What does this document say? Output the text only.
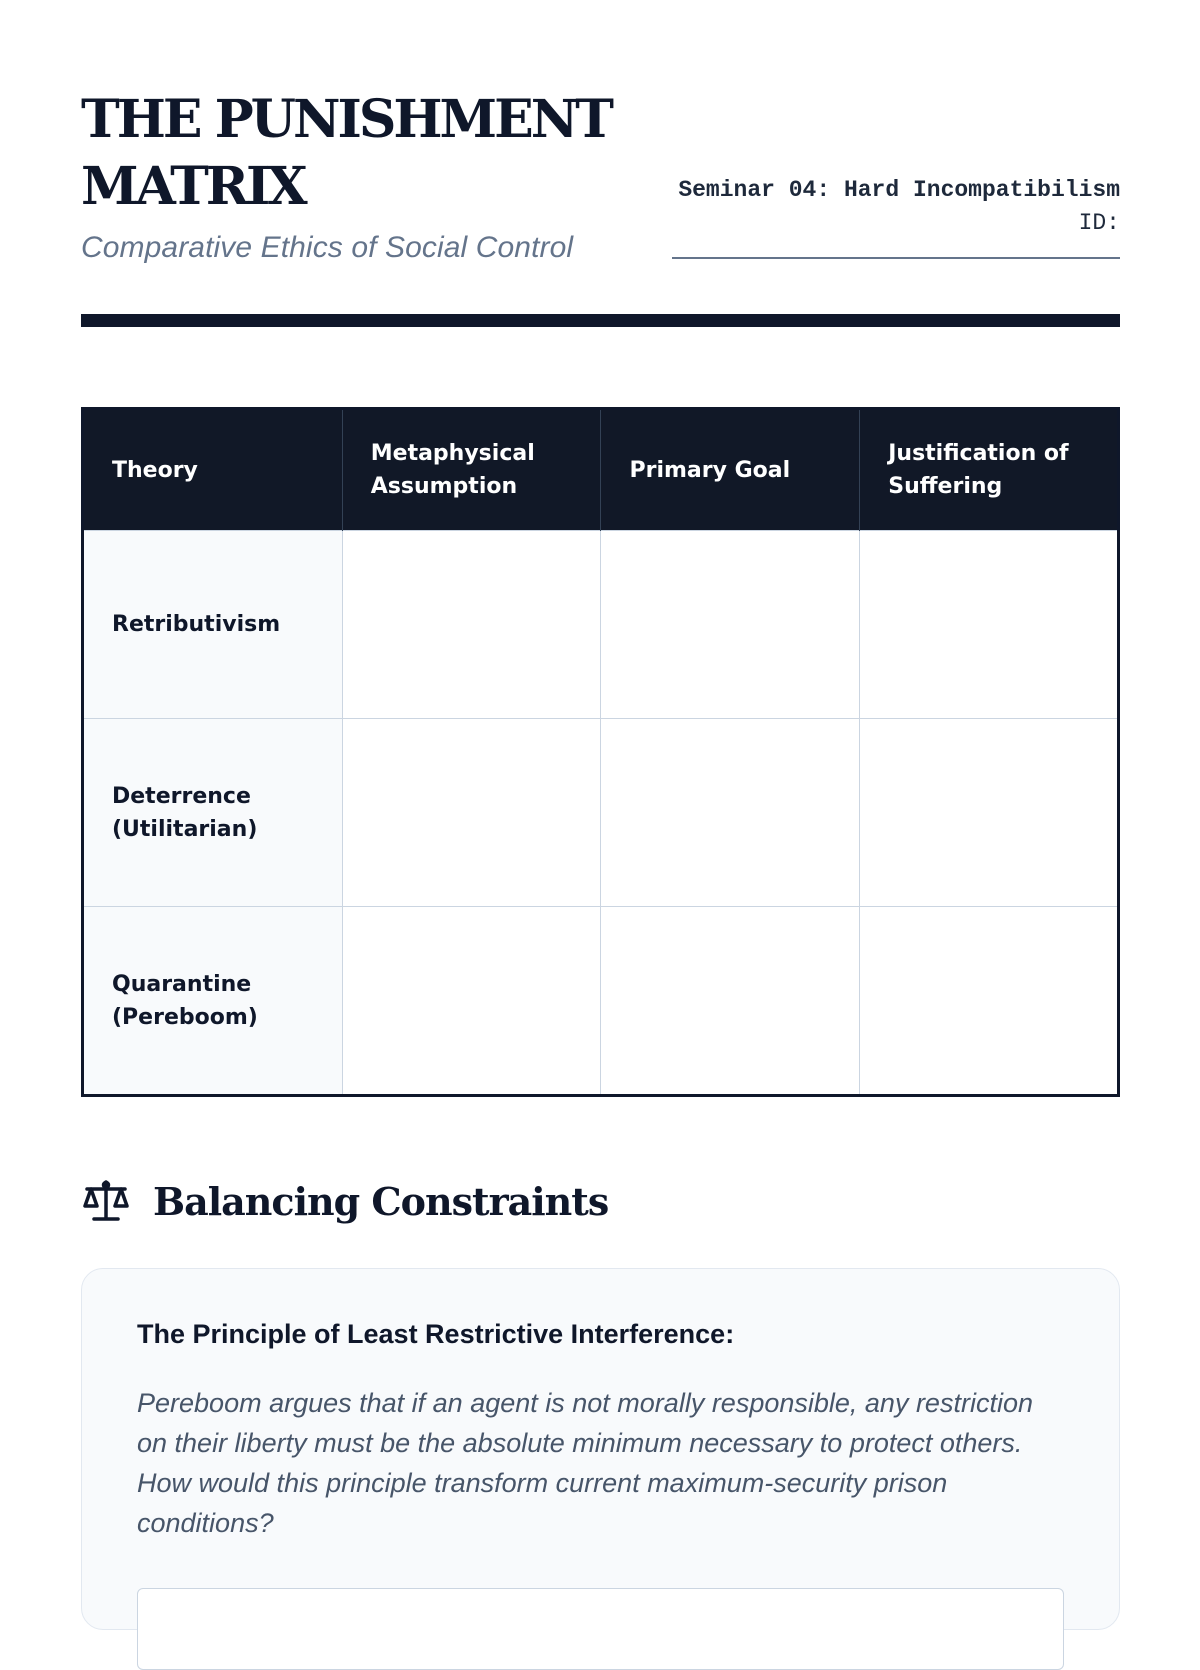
THE PUNISHMENT
MATRIX

Comparative Ethics of Social Control

Seminar 04: Hard Incompatibilism
ID:
Theory	Metaphysical Assumption	Primary Goal	Justification of Suffering
Retributivism			
Deterrence (Utilitarian)			
Quarantine (Pereboom)			
Balancing Constraints
The Principle of Least Restrictive Interference:

Pereboom argues that if an agent is not morally responsible, any restriction on their liberty must be the absolute minimum necessary to protect others. How would this principle transform current maximum-security prison conditions?
